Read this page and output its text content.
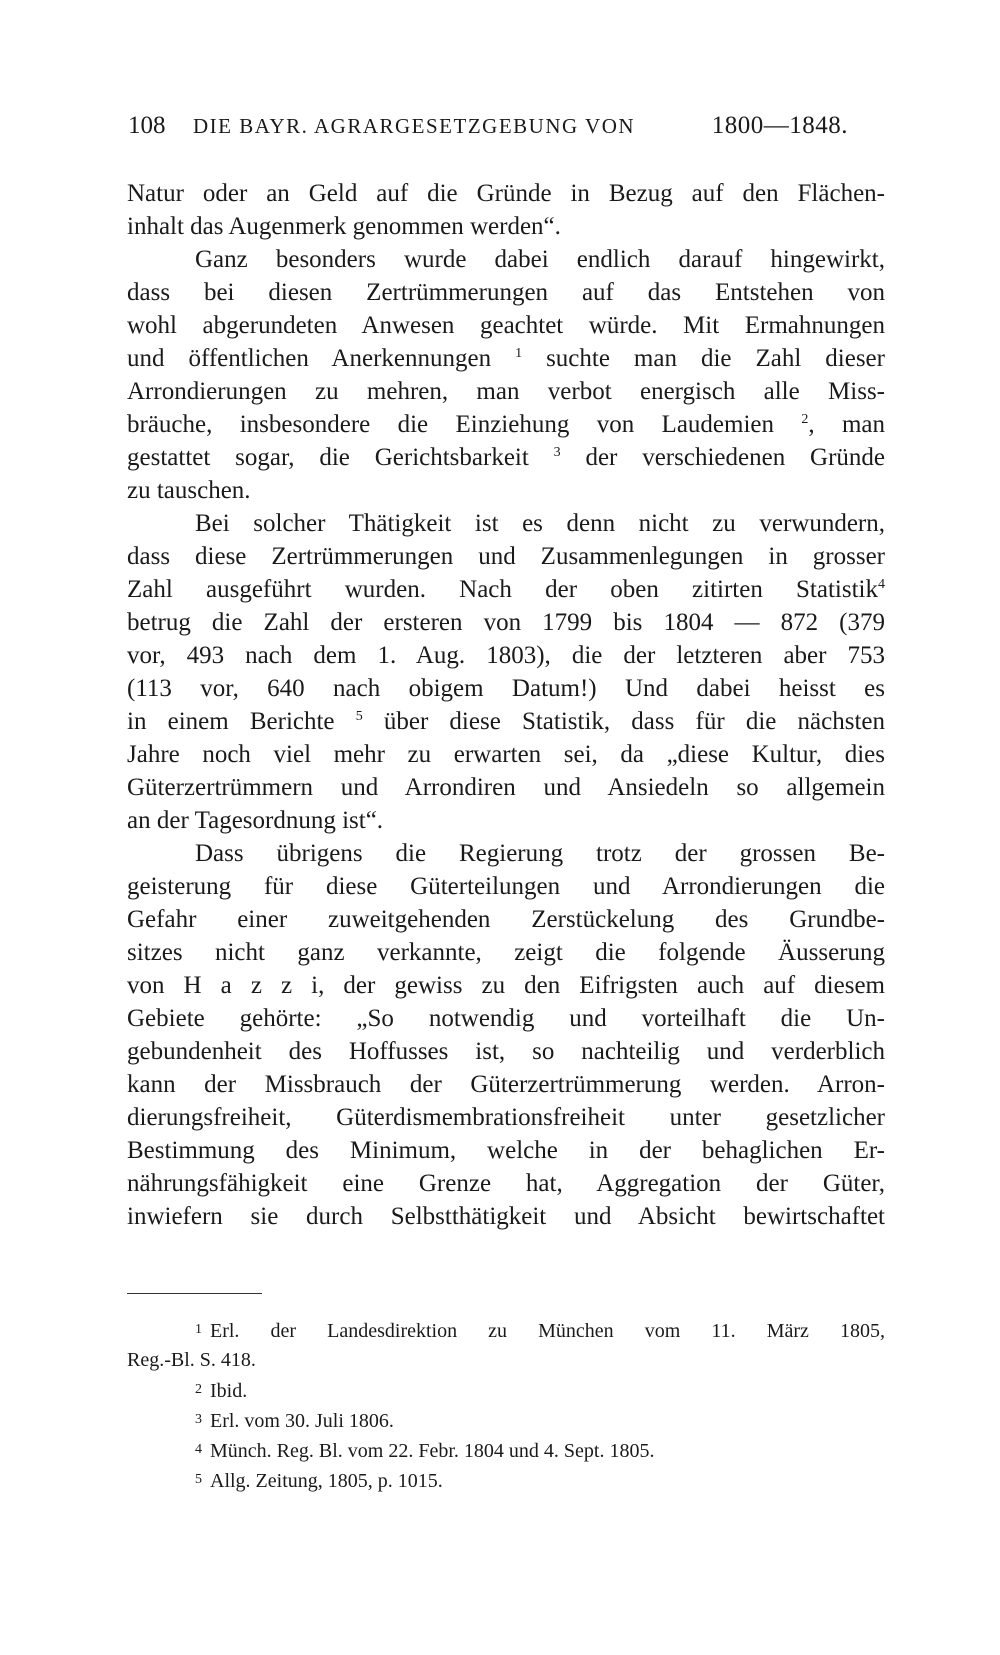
108 DIE BAYR. AGRARGESETZGEBUNG VON	1800—1848.
Natur oder an Geld auf die Gründe in Bezug auf den Flächen-
inhalt das Augenmerk genommen werden“.
Ganz besonders wurde dabei endlich darauf hingewirkt,
dass bei diesen Zertrümmerungen auf das Entstehen von
wohl abgerundeten Anwesen geachtet würde. Mit Ermahnungen
und öffentlichen Anerkennungen $^1$ suchte man die Zahl dieser
Arrondierungen zu mehren, man verbot energisch alle Miss-
bräuche, insbesondere die Einziehung von Laudemien $^2$, man
gestattet sogar, die Gerichtsbarkeit $^3$ der verschiedenen Gründe
zu tauschen.
Bei solcher Thätigkeit ist es denn nicht zu verwundern,
dass diese Zertrümmerungen und Zusammenlegungen in grosser
Zahl ausgeführt wurden. Nach der oben zitirten Statistik$^4$
betrug die Zahl der ersteren von 1799 bis 1804 — 872 (379
vor, 493 nach dem 1. Aug. 1803), die der letzteren aber 753
(113 vor, 640 nach obigem Datum!) Und dabei heisst es
in einem Berichte $^5$ über diese Statistik, dass für die nächsten
Jahre noch viel mehr zu erwarten sei, da „diese Kultur, dies
Güterzertrümmern und Arrondiren und Ansiedeln so allgemein
an der Tagesordnung ist“.
Dass übrigens die Regierung trotz der grossen Be-
geisterung für diese Güterteilungen und Arrondierungen die
Gefahr einer zuweitgehenden Zerstückelung des Grundbe-
sitzes nicht ganz verkannte, zeigt die folgende Äusserung
von H a z z i, der gewiss zu den Eifrigsten auch auf diesem
Gebiete gehörte: „So notwendig und vorteilhaft die Un-
gebundenheit des Hoffusses ist, so nachteilig und verderblich
kann der Missbrauch der Güterzertrümmerung werden. Arron-
dierungsfreiheit, Güterdismembrationsfreiheit unter gesetzlicher
Bestimmung des Minimum, welche in der behaglichen Er-
nährungsfähigkeit eine Grenze hat, Aggregation der Güter,
inwiefern sie durch Selbstthätigkeit und Absicht bewirtschaftet
$^1$ Erl. der Landesdirektion zu München vom 11. März 1805,
Reg.-Bl. S. 418.
$^2$ Ibid.
$^3$ Erl. vom 30. Juli 1806.
$^4$ Münch. Reg. Bl. vom 22. Febr. 1804 und 4. Sept. 1805.
$^5$ Allg. Zeitung, 1805, p. 1015.
